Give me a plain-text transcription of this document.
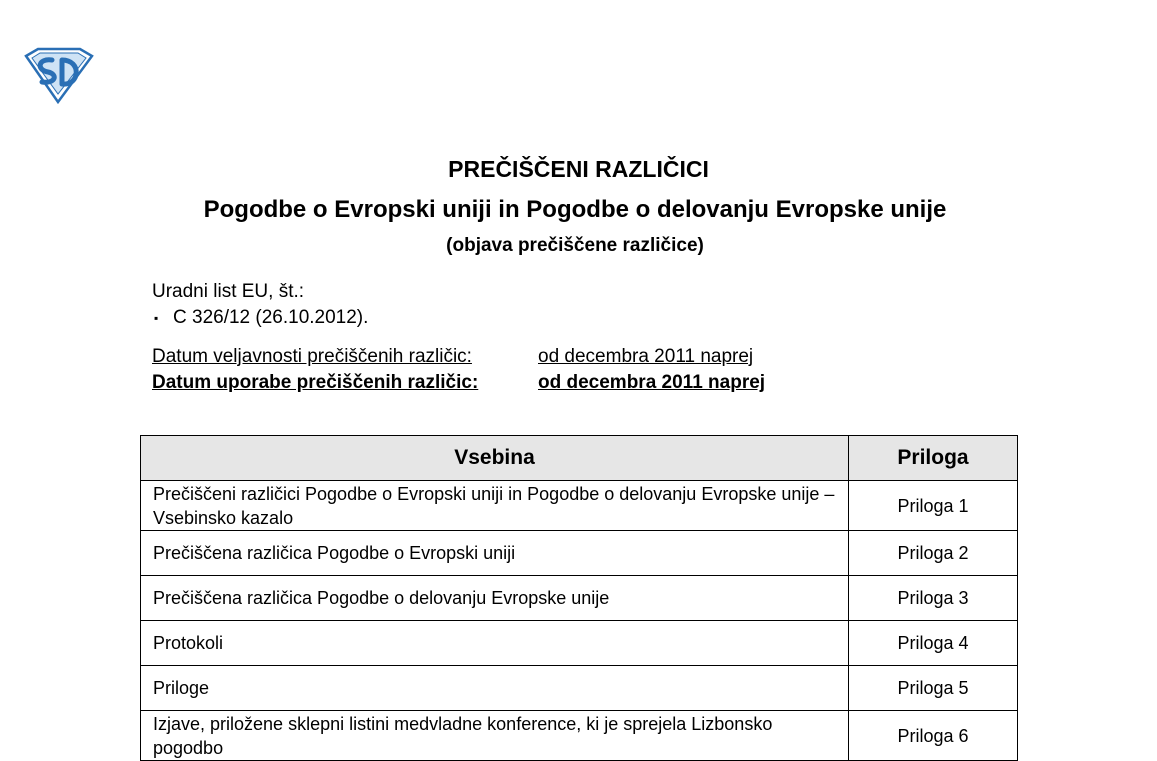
PREČIŠČENI RAZLIČICI
Pogodbe o Evropski uniji in Pogodbe o delovanju Evropske unije
(objava prečiščene različice)
Uradni list EU, št.:
▪ C 326/12 (26.10.2012).
Datum veljavnosti prečiščenih različic:	od decembra 2011 naprej
Datum uporabe prečiščenih različic:	od decembra 2011 naprej
Vsebina	Priloga
Prečiščeni različici Pogodbe o Evropski uniji in Pogodbe o delovanju Evropske unije – Vsebinsko kazalo	Priloga 1
Prečiščena različica Pogodbe o Evropski uniji	Priloga 2
Prečiščena različica Pogodbe o delovanju Evropske unije	Priloga 3
Protokoli	Priloga 4
Priloge	Priloga 5
Izjave, priložene sklepni listini medvladne konference, ki je sprejela Lizbonsko pogodbo	Priloga 6
